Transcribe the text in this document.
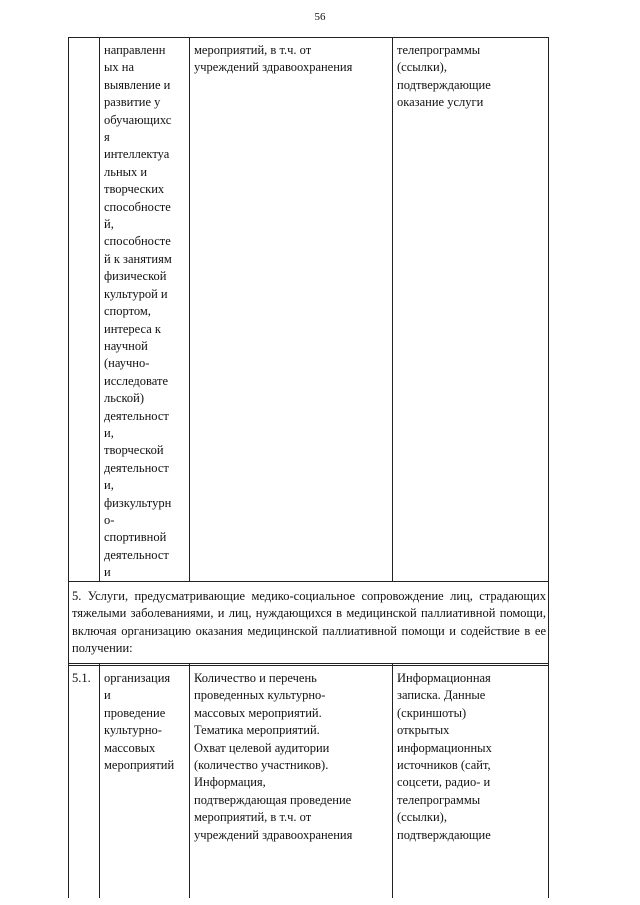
56
направленн
ых на
выявление и
развитие у
обучающихс
я
интеллектуа
льных и
творческих
способносте
й,
способносте
й к занятиям
физической
культурой и
спортом,
интереса к
научной
(научно-
исследовате
льской)
деятельност
и,
творческой
деятельност
и,
физкультурн
о-
спортивной
деятельност
и
мероприятий, в т.ч. от
учреждений здравоохранения
телепрограммы
(ссылки),
подтверждающие
оказание услуги
5. Услуги, предусматривающие медико-социальное сопровождение лиц, страдающих тяжелыми заболеваниями, и лиц, нуждающихся в медицинской паллиативной помощи, включая организацию оказания медицинской паллиативной помощи и содействие в ее получении:
5.1.	организация
и
проведение
культурно-
массовых
мероприятий
Количество и перечень
проведенных культурно-
массовых мероприятий.
Тематика мероприятий.
Охват целевой аудитории
(количество участников).
Информация,
подтверждающая проведение
мероприятий, в т.ч. от
учреждений здравоохранения
Информационная
записка. Данные
(скриншоты)
открытых
информационных
источников (сайт,
соцсети, радио- и
телепрограммы
(ссылки),
подтверждающие
